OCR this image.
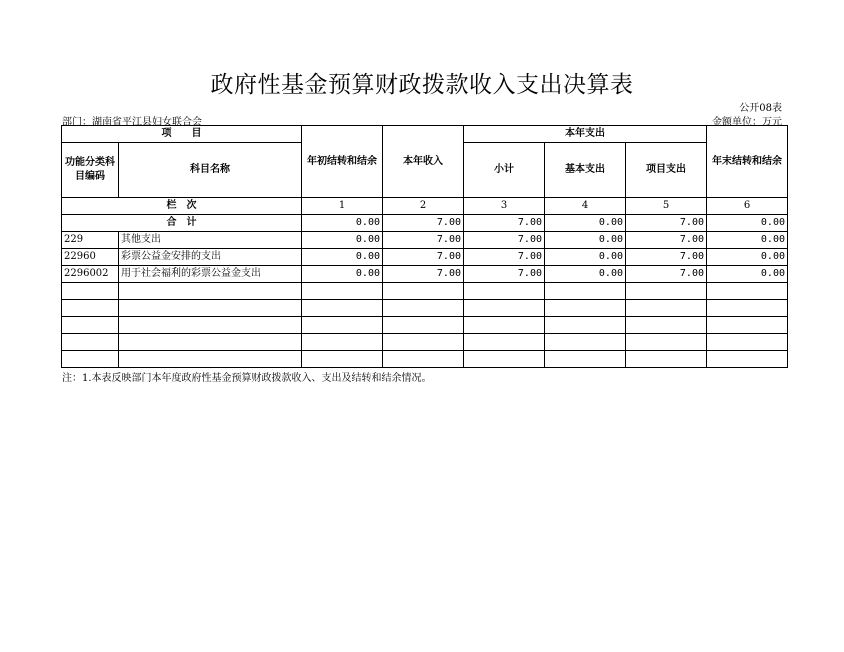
政府性基金预算财政拨款收入支出决算表
公开08表
部门：湖南省平江县妇女联合会	金额单位：万元
项　　目		年初结转和结余	本年收入	本年支出			年末结转和结余
功能分类科目编码	科目名称			小计	基本支出	项目支出	
栏　次		1	2	3	4	5	6
合　计		0.00	7.00	7.00	0.00	7.00	0.00
229	其他支出	0.00	7.00	7.00	0.00	7.00	0.00
22960	彩票公益金安排的支出	0.00	7.00	7.00	0.00	7.00	0.00
2296002	用于社会福利的彩票公益金支出	0.00	7.00	7.00	0.00	7.00	0.00

注：1.本表反映部门本年度政府性基金预算财政拨款收入、支出及结转和结余情况。
